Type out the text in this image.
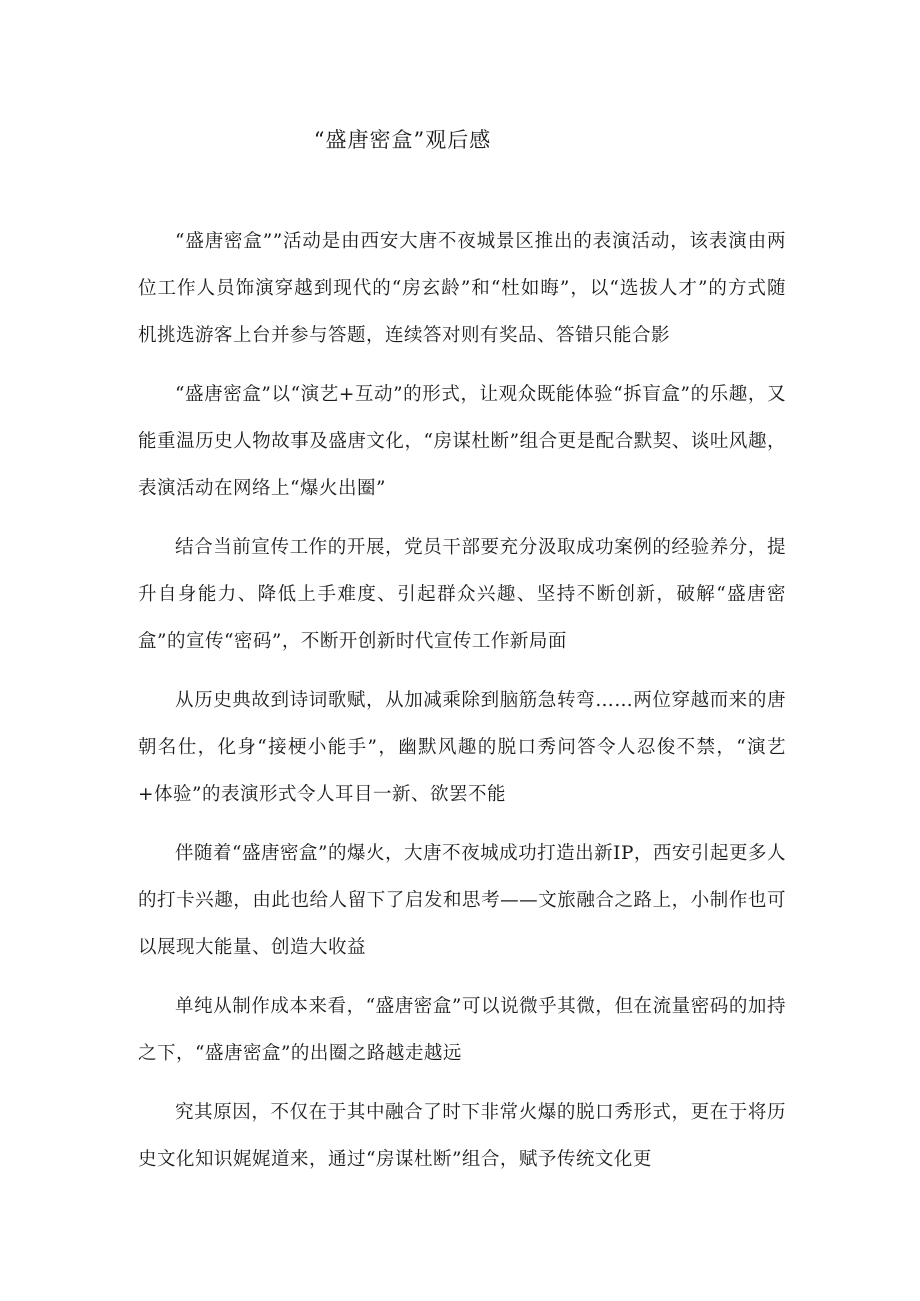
“盛唐密盒”观后感

“盛唐密盒””活动是由西安大唐不夜城景区推出的表演活动，该表演由两位工作人员饰演穿越到现代的“房玄龄”和“杜如晦”，以“选拔人才”的方式随机挑选游客上台并参与答题，连续答对则有奖品、答错只能合影

“盛唐密盒”以“演艺+互动”的形式，让观众既能体验“拆盲盒”的乐趣，又能重温历史人物故事及盛唐文化，“房谋杜断”组合更是配合默契、谈吐风趣，表演活动在网络上“爆火出圈”

结合当前宣传工作的开展，党员干部要充分汲取成功案例的经验养分，提升自身能力、降低上手难度、引起群众兴趣、坚持不断创新，破解“盛唐密盒”的宣传“密码”，不断开创新时代宣传工作新局面

从历史典故到诗词歌赋，从加减乘除到脑筋急转弯……两位穿越而来的唐朝名仕，化身“接梗小能手”，幽默风趣的脱口秀问答令人忍俊不禁，“演艺+体验”的表演形式令人耳目一新、欲罢不能

伴随着“盛唐密盒”的爆火，大唐不夜城成功打造出新IP，西安引起更多人的打卡兴趣，由此也给人留下了启发和思考——文旅融合之路上，小制作也可以展现大能量、创造大收益

单纯从制作成本来看，“盛唐密盒”可以说微乎其微，但在流量密码的加持之下，“盛唐密盒”的出圈之路越走越远

究其原因，不仅在于其中融合了时下非常火爆的脱口秀形式，更在于将历史文化知识娓娓道来，通过“房谋杜断”组合，赋予传统文化更
